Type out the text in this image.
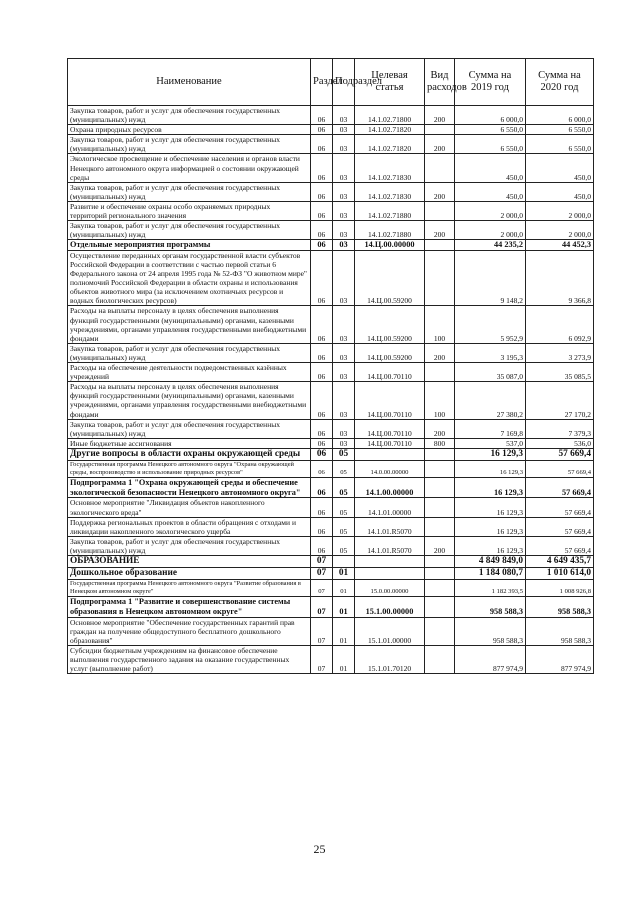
Наименование	Раздел	Подраздел	Целевая статья	Вид расходов	Сумма на 2019 год	Сумма на 2020 год
Закупка товаров, работ и услуг для обеспечения государственных (муниципальных) нужд	06	03	14.1.02.71800	200	6 000,0	6 000,0
Охрана природных ресурсов	06	03	14.1.02.71820		6 550,0	6 550,0
Закупка товаров, работ и услуг для обеспечения государственных (муниципальных) нужд	06	03	14.1.02.71820	200	6 550,0	6 550,0
Экологическое просвещение и обеспечение населения и органов власти Ненецкого автономного округа информацией о состоянии окружающей среды	06	03	14.1.02.71830		450,0	450,0
Закупка товаров, работ и услуг для обеспечения государственных (муниципальных) нужд	06	03	14.1.02.71830	200	450,0	450,0
Развитие и обеспечение охраны особо охраняемых природных территорий регионального значения	06	03	14.1.02.71880		2 000,0	2 000,0
Закупка товаров, работ и услуг для обеспечения государственных (муниципальных) нужд	06	03	14.1.02.71880	200	2 000,0	2 000,0
Отдельные мероприятия программы	06	03	14.Ц.00.00000		44 235,2	44 452,3
Осуществление переданных органам государственной власти субъектов Российской Федерации в соответствии с частью первой статьи 6 Федерального закона от 24 апреля 1995 года № 52-ФЗ "О животном мире" полномочий Российской Федерации в области охраны и использования объектов животного мира (за исключением охотничьих ресурсов и водных биологических ресурсов)	06	03	14.Ц.00.59200		9 148,2	9 366,8
Расходы на выплаты персоналу в целях обеспечения выполнения функций государственными (муниципальными) органами, казенными учреждениями, органами управления государственными внебюджетными фондами	06	03	14.Ц.00.59200	100	5 952,9	6 092,9
Закупка товаров, работ и услуг для обеспечения государственных (муниципальных) нужд	06	03	14.Ц.00.59200	200	3 195,3	3 273,9
Расходы на обеспечение деятельности подведомственных казённых учреждений	06	03	14.Ц.00.70110		35 087,0	35 085,5
Расходы на выплаты персоналу в целях обеспечения выполнения функций государственными (муниципальными) органами, казенными учреждениями, органами управления государственными внебюджетными фондами	06	03	14.Ц.00.70110	100	27 380,2	27 170,2
Закупка товаров, работ и услуг для обеспечения государственных (муниципальных) нужд	06	03	14.Ц.00.70110	200	7 169,8	7 379,3
Иные бюджетные ассигнования	06	03	14.Ц.00.70110	800	537,0	536,0
Другие вопросы в области охраны окружающей среды	06	05			16 129,3	57 669,4
Государственная программа Ненецкого автономного округа "Охрана окружающей среды, воспроизводство и использование природных ресурсов"	06	05	14.0.00.00000		16 129,3	57 669,4
Подпрограмма 1 "Охрана окружающей среды и обеспечение экологической безопасности Ненецкого автономного округа"	06	05	14.1.00.00000		16 129,3	57 669,4
Основное мероприятие "Ликвидация объектов накопленного экологического вреда"	06	05	14.1.01.00000		16 129,3	57 669,4
Поддержка региональных проектов в области обращения с отходами и ликвидации накопленного экологического ущерба	06	05	14.1.01.R5070		16 129,3	57 669,4
Закупка товаров, работ и услуг для обеспечения государственных (муниципальных) нужд	06	05	14.1.01.R5070	200	16 129,3	57 669,4
ОБРАЗОВАНИЕ	07				4 849 849,0	4 649 435,7
Дошкольное образование	07	01			1 184 080,7	1 010 614,0
Государственная программа Ненецкого автономного округа "Развитие образования в Ненецком автономном округе"	07	01	15.0.00.00000		1 182 393,5	1 008 926,8
Подпрограмма 1 "Развитие и совершенствование системы образования в Ненецком автономном округе"	07	01	15.1.00.00000		958 588,3	958 588,3
Основное мероприятие "Обеспечение государственных гарантий прав граждан на получение общедоступного бесплатного дошкольного образования"	07	01	15.1.01.00000		958 588,3	958 588,3
Субсидии бюджетным учреждениям на финансовое обеспечение выполнения государственного задания на оказание государственных услуг (выполнение работ)	07	01	15.1.01.70120		877 974,9	877 974,9
25
